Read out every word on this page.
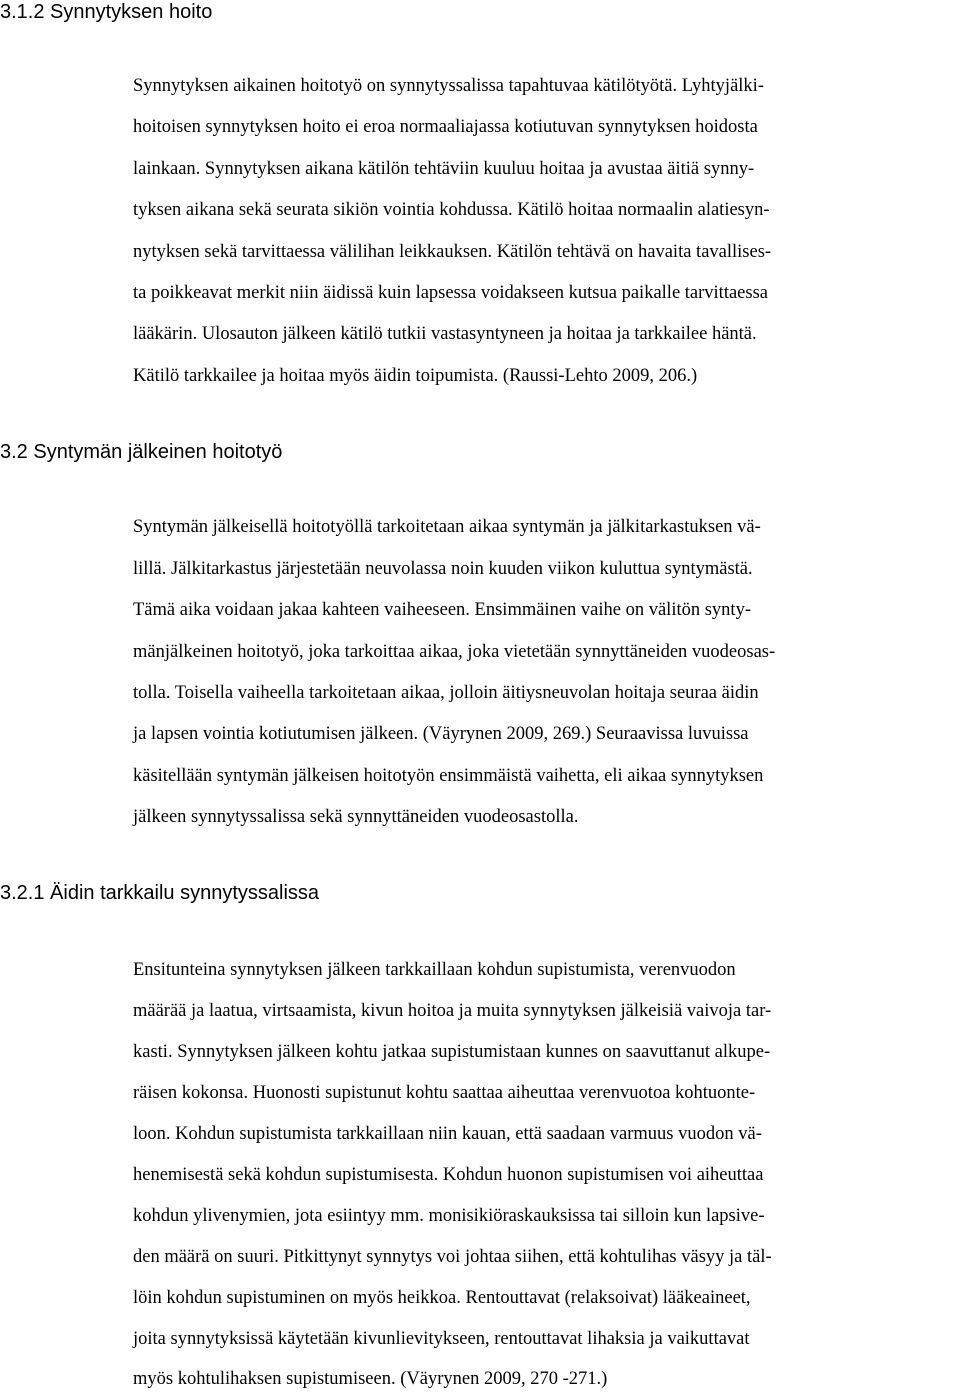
3.1.2 Synnytyksen hoito
Synnytyksen aikainen hoitotyö on synnytyssalissa tapahtuvaa kätilötyötä. Lyhtyjälki-
hoitoisen synnytyksen hoito ei eroa normaaliajassa kotiutuvan synnytyksen hoidosta
lainkaan. Synnytyksen aikana kätilön tehtäviin kuuluu hoitaa ja avustaa äitiä synny-
tyksen aikana sekä seurata sikiön vointia kohdussa. Kätilö hoitaa normaalin alatiesyn-
nytyksen sekä tarvittaessa välilihan leikkauksen. Kätilön tehtävä on havaita tavallises-
ta poikkeavat merkit niin äidissä kuin lapsessa voidakseen kutsua paikalle tarvittaessa
lääkärin. Ulosauton jälkeen kätilö tutkii vastasyntyneen ja hoitaa ja tarkkailee häntä.
Kätilö tarkkailee ja hoitaa myös äidin toipumista. (Raussi-Lehto 2009, 206.)
3.2 Syntymän jälkeinen hoitotyö
Syntymän jälkeisellä hoitotyöllä tarkoitetaan aikaa syntymän ja jälkitarkastuksen vä-
lillä. Jälkitarkastus järjestetään neuvolassa noin kuuden viikon kuluttua syntymästä.
Tämä aika voidaan jakaa kahteen vaiheeseen. Ensimmäinen vaihe on välitön synty-
mänjälkeinen hoitotyö, joka tarkoittaa aikaa, joka vietetään synnyttäneiden vuodeosas-
tolla. Toisella vaiheella tarkoitetaan aikaa, jolloin äitiysneuvolan hoitaja seuraa äidin
ja lapsen vointia kotiutumisen jälkeen. (Väyrynen 2009, 269.) Seuraavissa luvuissa
käsitellään syntymän jälkeisen hoitotyön ensimmäistä vaihetta, eli aikaa synnytyksen
jälkeen synnytyssalissa sekä synnyttäneiden vuodeosastolla.
3.2.1 Äidin tarkkailu synnytyssalissa
Ensitunteina synnytyksen jälkeen tarkkaillaan kohdun supistumista, verenvuodon
määrää ja laatua, virtsaamista, kivun hoitoa ja muita synnytyksen jälkeisiä vaivoja tar-
kasti. Synnytyksen jälkeen kohtu jatkaa supistumistaan kunnes on saavuttanut alkupe-
räisen kokonsa. Huonosti supistunut kohtu saattaa aiheuttaa verenvuotoa kohtuonte-
loon. Kohdun supistumista tarkkaillaan niin kauan, että saadaan varmuus vuodon vä-
henemisestä sekä kohdun supistumisesta. Kohdun huonon supistumisen voi aiheuttaa
kohdun ylivenymien, jota esiintyy mm. monisikiöraskauksissa tai silloin kun lapsive-
den määrä on suuri. Pitkittynyt synnytys voi johtaa siihen, että kohtulihas väsyy ja täl-
löin kohdun supistuminen on myös heikkoa. Rentouttavat (relaksoivat) lääkeaineet,
joita synnytyksissä käytetään kivunlievitykseen, rentouttavat lihaksia ja vaikuttavat
myös kohtulihaksen supistumiseen. (Väyrynen 2009, 270 -271.)
